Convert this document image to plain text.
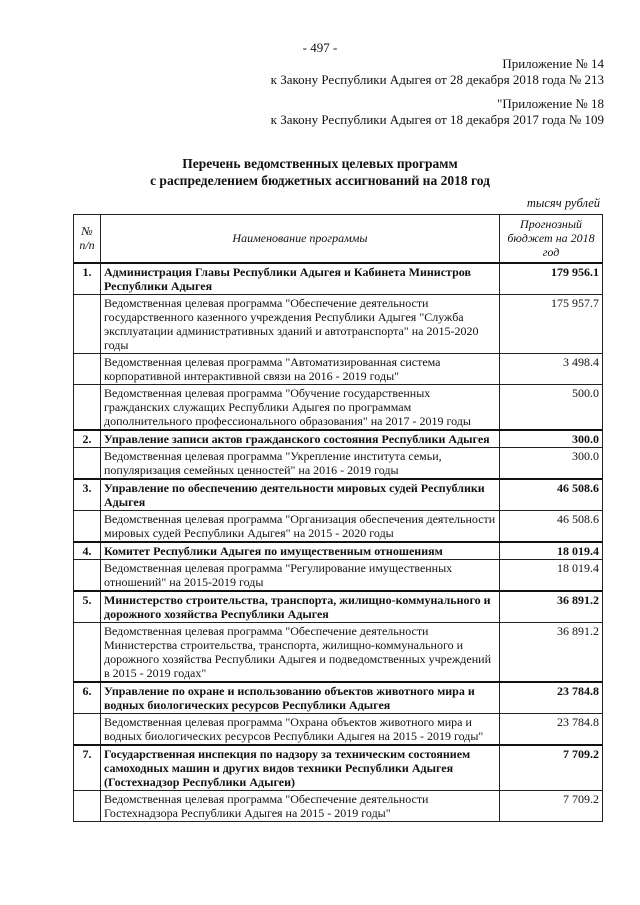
- 497 -
Приложение № 14
к Закону Республики Адыгея от 28 декабря 2018 года № 213
"Приложение № 18
к Закону Республики Адыгея от 18 декабря 2017 года № 109
Перечень ведомственных целевых программ
с распределением бюджетных ассигнований на 2018 год
тысяч рублей
№ п/п	Наименование программы	Прогнозный бюджет на 2018 год
1.	Администрация Главы Республики Адыгея и Кабинета Министров Республики Адыгея	179 956.1
	Ведомственная целевая программа "Обеспечение деятельности государственного казенного учреждения Республики Адыгея "Служба эксплуатации административных зданий и автотранспорта" на 2015-2020 годы	175 957.7
	Ведомственная целевая программа "Автоматизированная система корпоративной интерактивной связи на 2016 - 2019 годы"	3 498.4
	Ведомственная целевая программа "Обучение государственных гражданских служащих Республики Адыгея по программам дополнительного профессионального образования" на 2017 - 2019 годы	500.0
2.	Управление записи актов гражданского состояния Республики Адыгея	300.0
	Ведомственная целевая программа "Укрепление института семьи, популяризация семейных ценностей" на 2016 - 2019 годы	300.0
3.	Управление по обеспечению деятельности мировых судей Республики Адыгея	46 508.6
	Ведомственная целевая программа "Организация обеспечения деятельности мировых судей Республики Адыгея" на 2015 - 2020 годы	46 508.6
4.	Комитет Республики Адыгея по имущественным отношениям	18 019.4
	Ведомственная целевая программа "Регулирование имущественных отношений" на 2015-2019 годы	18 019.4
5.	Министерство строительства, транспорта, жилищно-коммунального и дорожного хозяйства Республики Адыгея	36 891.2
	Ведомственная целевая программа "Обеспечение деятельности Министерства строительства, транспорта, жилищно-коммунального и дорожного хозяйства Республики Адыгея и подведомственных учреждений в 2015 - 2019 годах"	36 891.2
6.	Управление по охране и использованию объектов животного мира и водных биологических ресурсов Республики Адыгея	23 784.8
	Ведомственная целевая программа "Охрана объектов животного мира и водных биологических ресурсов Республики Адыгея на 2015 - 2019 годы"	23 784.8
7.	Государственная инспекция по надзору за техническим состоянием самоходных машин и других видов техники Республики Адыгея (Гостехнадзор Республики Адыгеи)	7 709.2
	Ведомственная целевая программа "Обеспечение деятельности Гостехнадзора Республики Адыгея на 2015 - 2019 годы"	7 709.2
